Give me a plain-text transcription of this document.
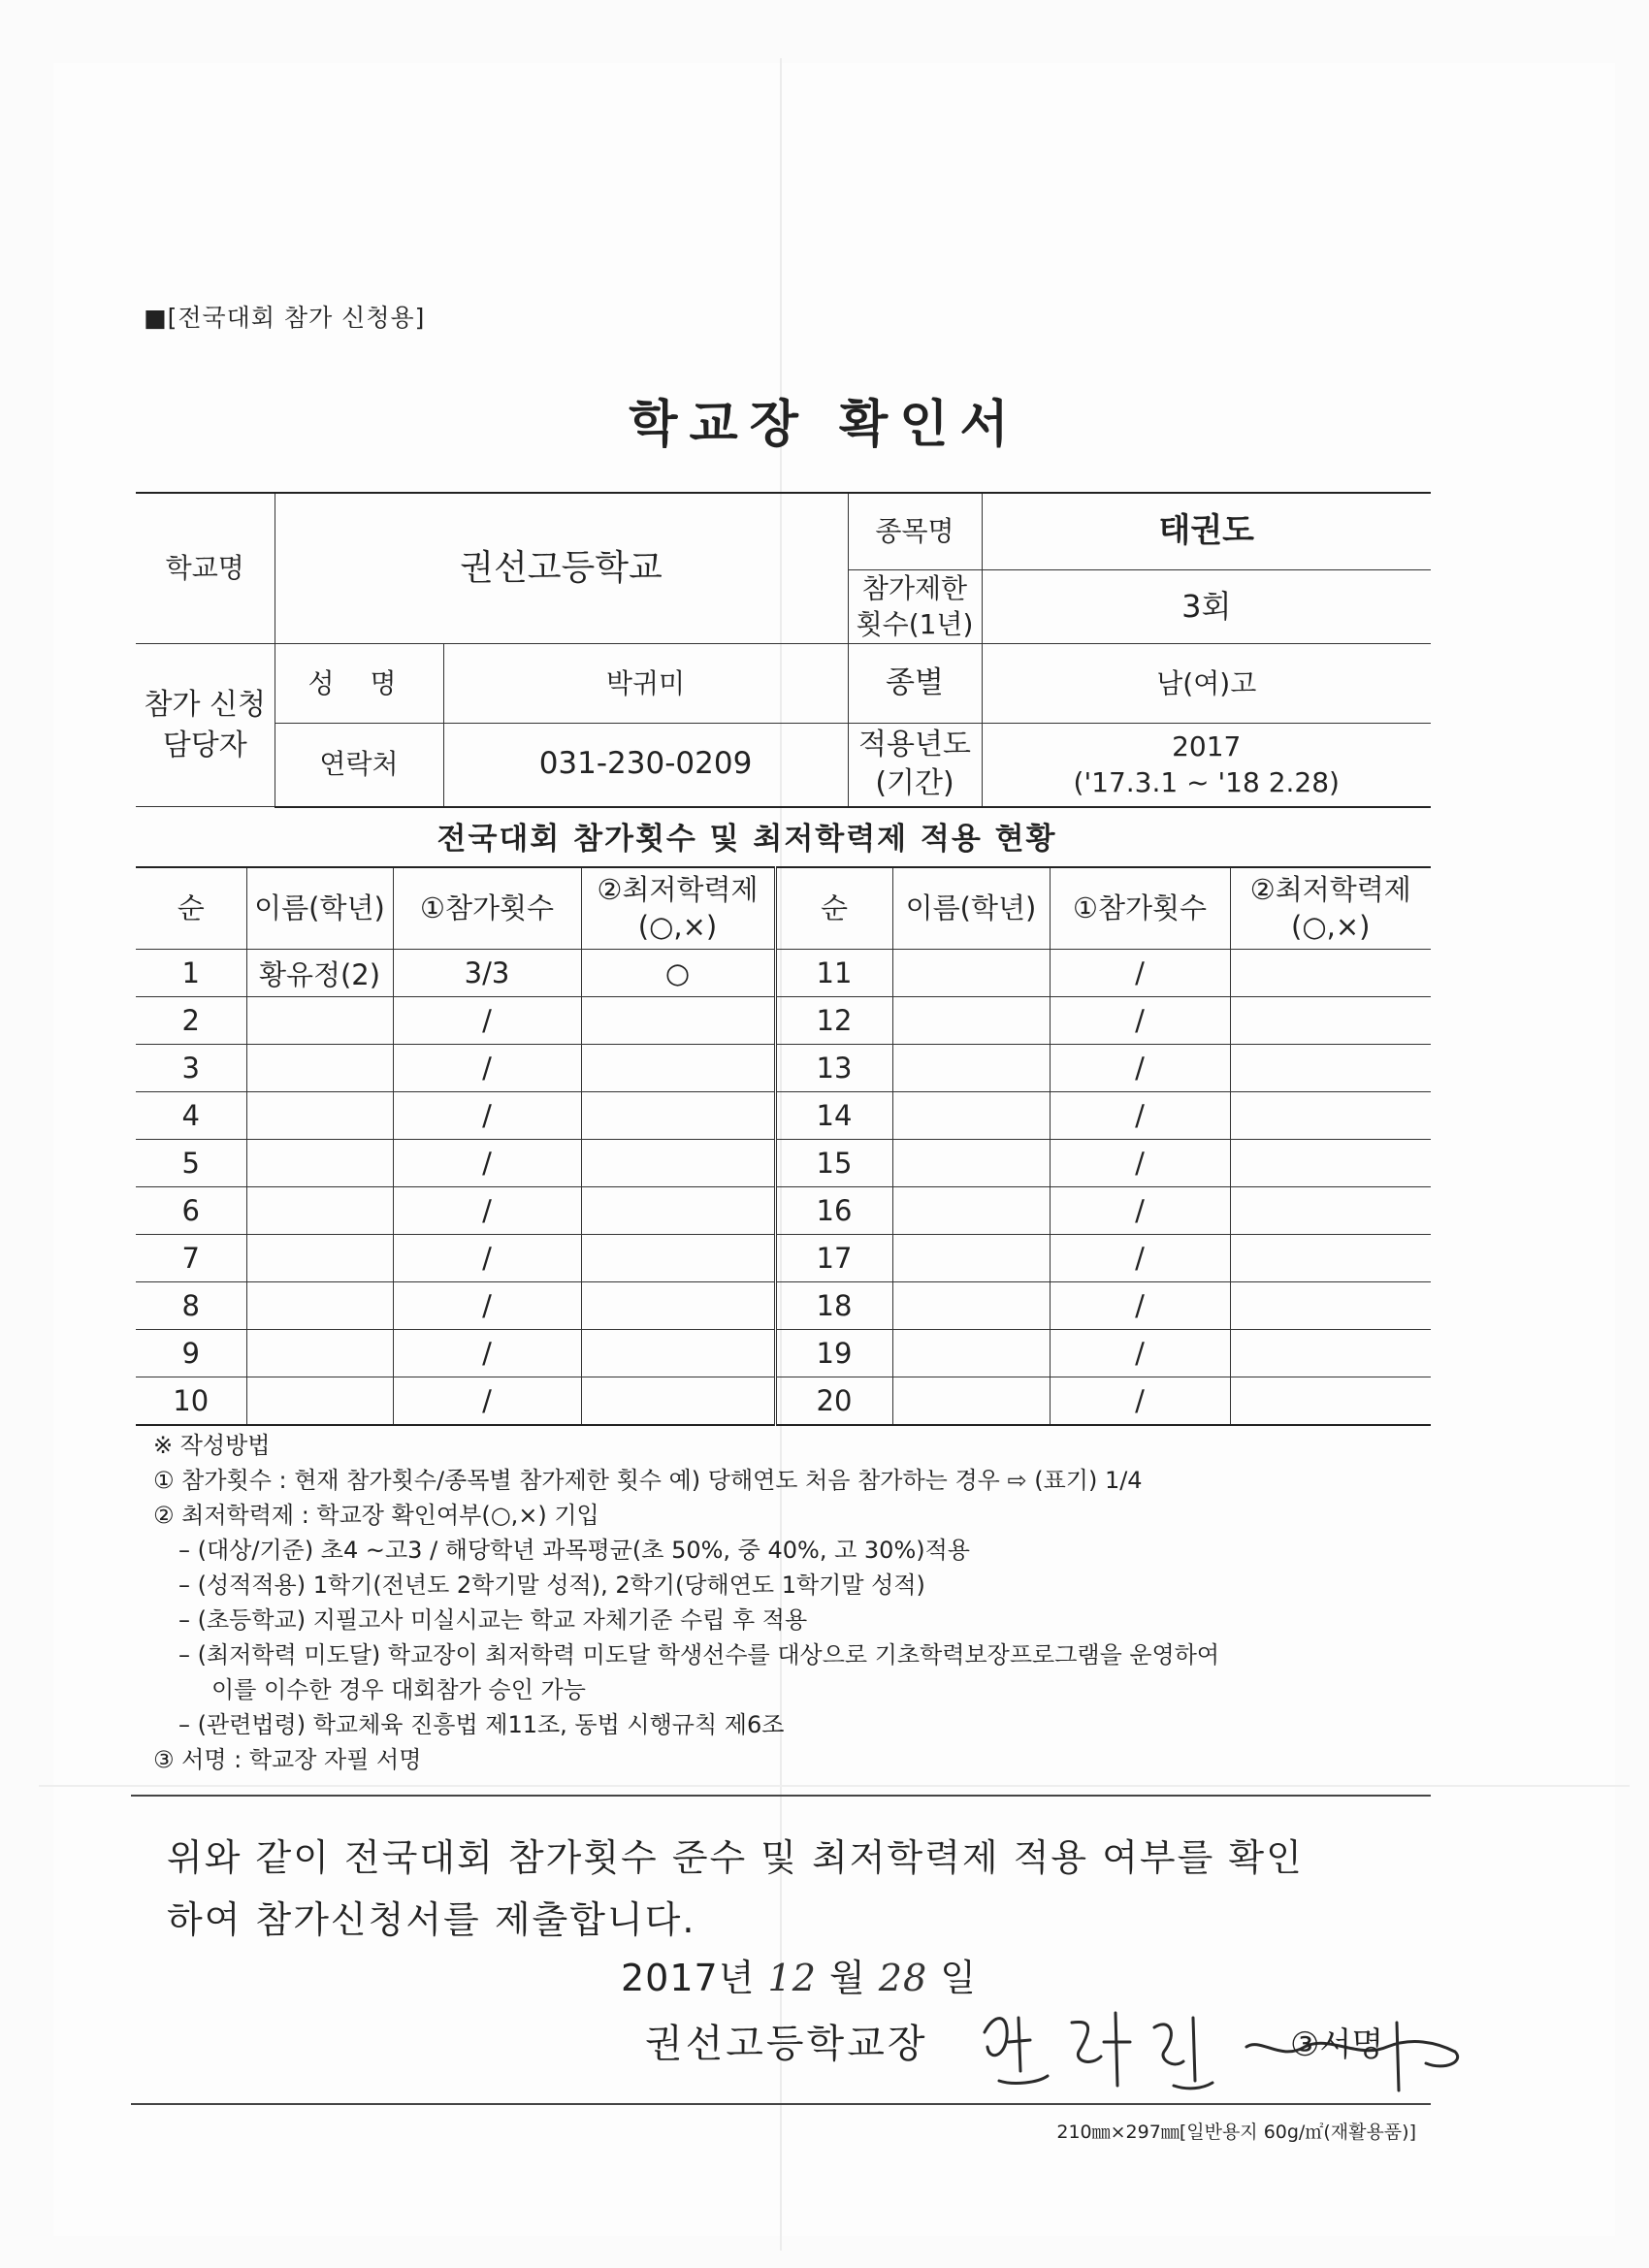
■[전국대회 참가 신청용]
학교장 확인서
학교명	권선고등학교		종목명	태권도
			참가제한 횟수(1년)	3회
참가 신청 담당자	성 명	박귀미	종별	남(여)고
	연락처	031-230-0209	적용년도 (기간)	2017
('17.3.1 ~ '18 2.28)
전국대회 참가횟수 및 최저학력제 적용 현황
순	이름(학년)	①참가횟수	②최저학력제 (○,×)	순	이름(학년)	①참가횟수	②최저학력제 (○,×)
1	황유정(2)	3/3	○	11		/	
2		/		12		/	
3		/		13		/	
4		/		14		/	
5		/		15		/	
6		/		16		/	
7		/		17		/	
8		/		18		/	
9		/		19		/	
10		/		20		/	
※ 작성방법
① 참가횟수 : 현재 참가횟수/종목별 참가제한 횟수 예) 당해연도 처음 참가하는 경우 ⇨ (표기) 1/4
② 최저학력제 : 학교장 확인여부(○,×) 기입
– (대상/기준) 초4 ~고3 / 해당학년 과목평균(초 50%, 중 40%, 고 30%)적용
– (성적적용) 1학기(전년도 2학기말 성적), 2학기(당해연도 1학기말 성적)
– (초등학교) 지필고사 미실시교는 학교 자체기준 수립 후 적용
– (최저학력 미도달) 학교장이 최저학력 미도달 학생선수를 대상으로 기초학력보장프로그램을 운영하여
이를 이수한 경우 대회참가 승인 가능
– (관련법령) 학교체육 진흥법 제11조, 동법 시행규칙 제6조
③ 서명 : 학교장 자필 서명
위와 같이 전국대회 참가횟수 준수 및 최저학력제 적용 여부를 확인
하여 참가신청서를 제출합니다.
2017년 12 월 28 일
권선고등학교장	③서명
210㎜×297㎜[일반용지 60g/㎡(재활용품)]
